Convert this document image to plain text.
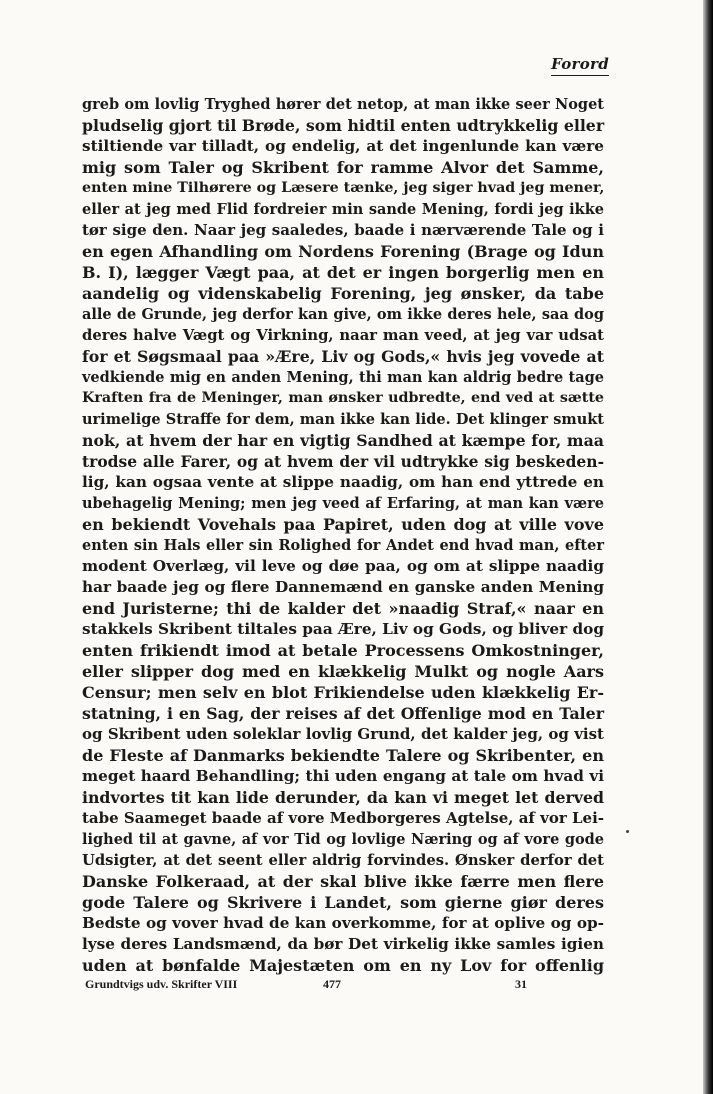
Forord
greb om lovlig Tryghed hører det netop, at man ikke seer Noget
pludselig gjort til Brøde, som hidtil enten udtrykkelig eller
stiltiende var tilladt, og endelig, at det ingenlunde kan være
mig som Taler og Skribent for ramme Alvor det Samme,
enten mine Tilhørere og Læsere tænke, jeg siger hvad jeg mener,
eller at jeg med Flid fordreier min sande Mening, fordi jeg ikke
tør sige den. Naar jeg saaledes, baade i nærværende Tale og i
en egen Afhandling om Nordens Forening (Brage og Idun
B. I), lægger Vægt paa, at det er ingen borgerlig men en
aandelig og videnskabelig Forening, jeg ønsker, da tabe
alle de Grunde, jeg derfor kan give, om ikke deres hele, saa dog
deres halve Vægt og Virkning, naar man veed, at jeg var udsat
for et Søgsmaal paa »Ære, Liv og Gods,« hvis jeg vovede at
vedkiende mig en anden Mening, thi man kan aldrig bedre tage
Kraften fra de Meninger, man ønsker udbredte, end ved at sætte
urimelige Straffe for dem, man ikke kan lide. Det klinger smukt
nok, at hvem der har en vigtig Sandhed at kæmpe for, maa
trodse alle Farer, og at hvem der vil udtrykke sig beskeden-
lig, kan ogsaa vente at slippe naadig, om han end yttrede en
ubehagelig Mening; men jeg veed af Erfaring, at man kan være
en bekiendt Vovehals paa Papiret, uden dog at ville vove
enten sin Hals eller sin Rolighed for Andet end hvad man, efter
modent Overlæg, vil leve og døe paa, og om at slippe naadig
har baade jeg og flere Dannemænd en ganske anden Mening
end Juristerne; thi de kalder det »naadig Straf,« naar en
stakkels Skribent tiltales paa Ære, Liv og Gods, og bliver dog
enten frikiendt imod at betale Processens Omkostninger,
eller slipper dog med en klækkelig Mulkt og nogle Aars
Censur; men selv en blot Frikiendelse uden klækkelig Er-
statning, i en Sag, der reises af det Offenlige mod en Taler
og Skribent uden soleklar lovlig Grund, det kalder jeg, og vist
de Fleste af Danmarks bekiendte Talere og Skribenter, en
meget haard Behandling; thi uden engang at tale om hvad vi
indvortes tit kan lide derunder, da kan vi meget let derved
tabe Saameget baade af vore Medborgeres Agtelse, af vor Lei-
lighed til at gavne, af vor Tid og lovlige Næring og af vore gode
Udsigter, at det seent eller aldrig forvindes. Ønsker derfor det
Danske Folkeraad, at der skal blive ikke færre men flere
gode Talere og Skrivere i Landet, som gierne giør deres
Bedste og vover hvad de kan overkomme, for at oplive og op-
lyse deres Landsmænd, da bør Det virkelig ikke samles igien
uden at bønfalde Majestæten om en ny Lov for offenlig
Grundtvigs udv. Skrifter VIII	477	31
